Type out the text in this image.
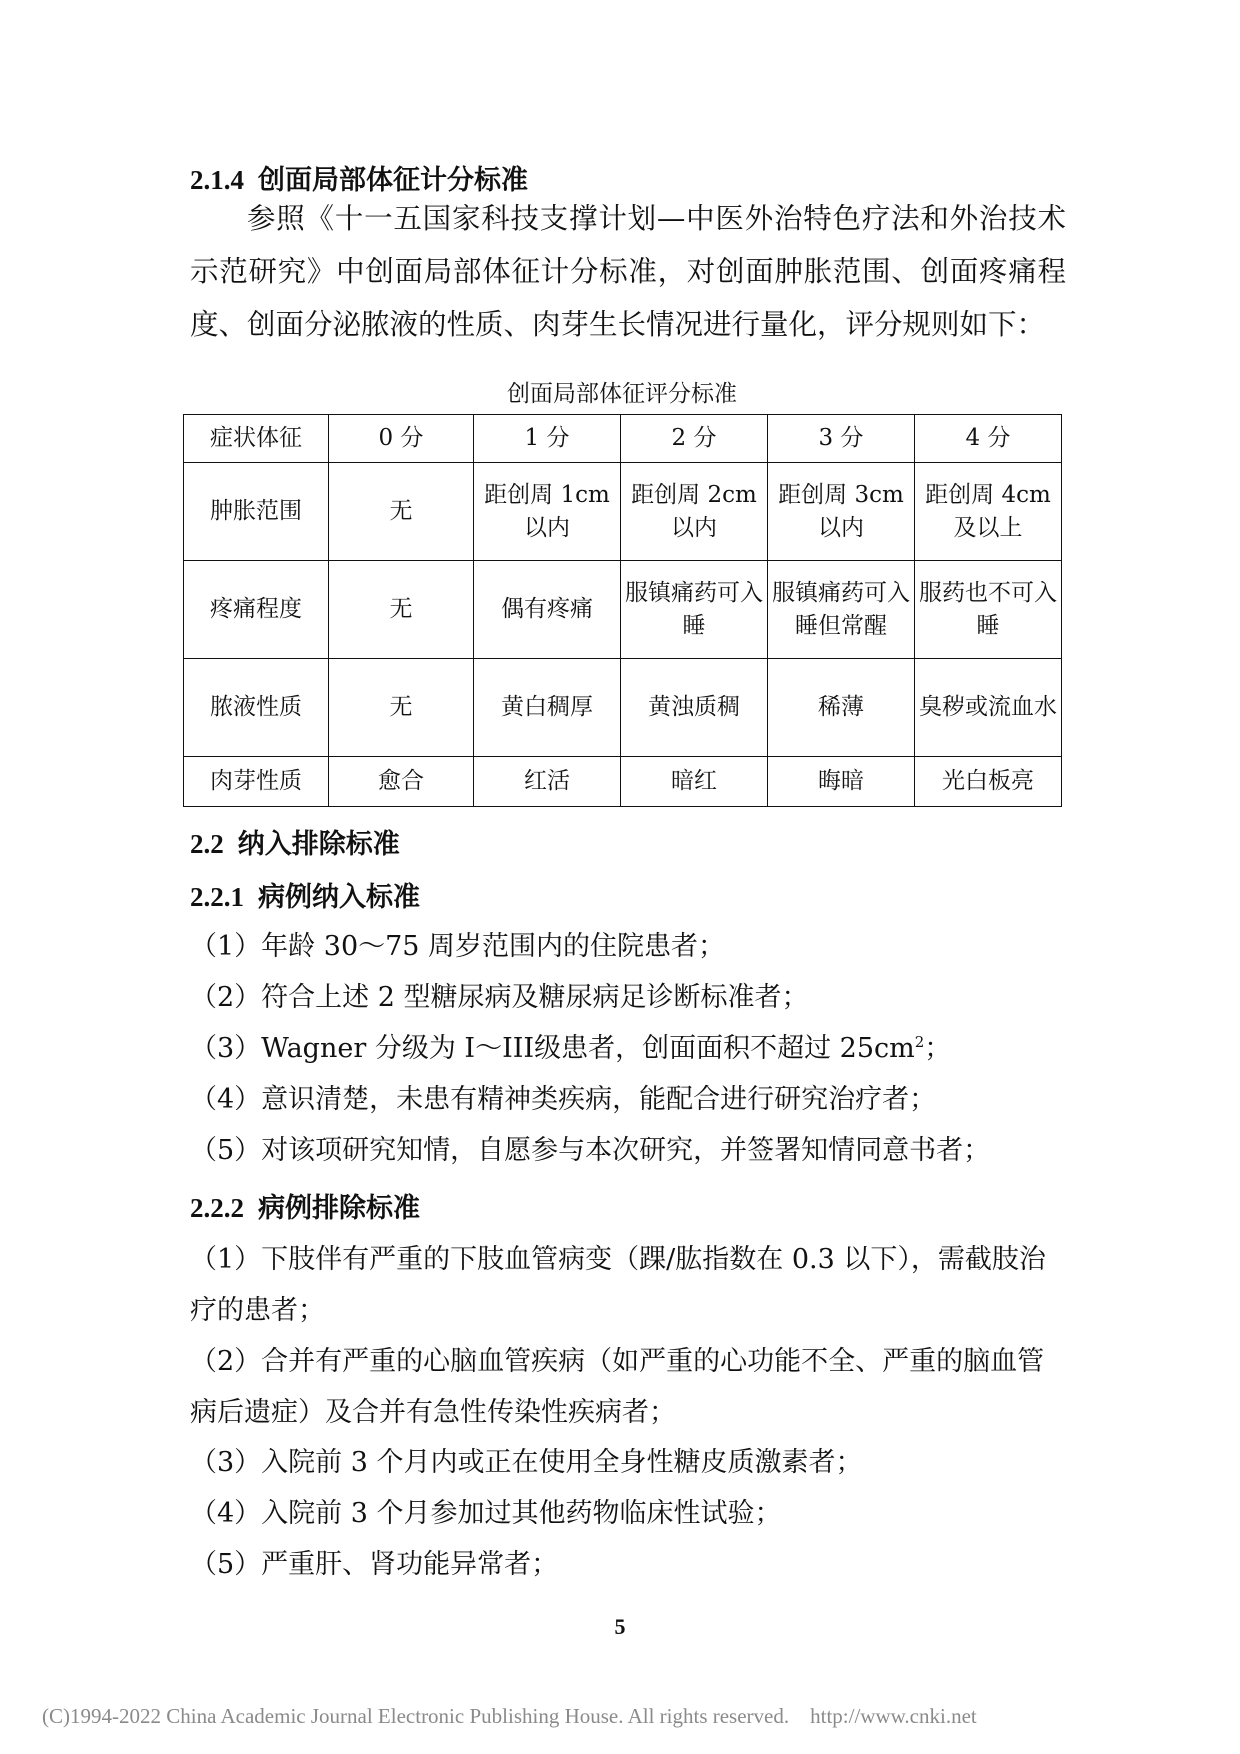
2.1.4 创面局部体征计分标准
参照《十一五国家科技支撑计划—中医外治特色疗法和外治技术示范研究》中创面局部体征计分标准，对创面肿胀范围、创面疼痛程度、创面分泌脓液的性质、肉芽生长情况进行量化，评分规则如下：
创面局部体征评分标准
症状体征	0 分	1 分	2 分	3 分	4 分
肿胀范围	无	距创周 1cm 以内	距创周 2cm 以内	距创周 3cm 以内	距创周 4cm 及以上
疼痛程度	无	偶有疼痛	服镇痛药可入睡	服镇痛药可入睡但常醒	服药也不可入睡
脓液性质	无	黄白稠厚	黄浊质稠	稀薄	臭秽或流血水
肉芽性质	愈合	红活	暗红	晦暗	光白板亮
2.2 纳入排除标准
2.2.1 病例纳入标准
（1）年龄 30～75 周岁范围内的住院患者；
（2）符合上述 2 型糖尿病及糖尿病足诊断标准者；
（3）Wagner 分级为 I～III级患者，创面面积不超过 $25cm^2$；
（4）意识清楚，未患有精神类疾病，能配合进行研究治疗者；
（5）对该项研究知情，自愿参与本次研究，并签署知情同意书者；
2.2.2 病例排除标准
（1）下肢伴有严重的下肢血管病变（踝/肱指数在 0.3 以下），需截肢治疗的患者；
（2）合并有严重的心脑血管疾病（如严重的心功能不全、严重的脑血管病后遗症）及合并有急性传染性疾病者；
（3）入院前 3 个月内或正在使用全身性糖皮质激素者；
（4）入院前 3 个月参加过其他药物临床性试验；
（5）严重肝、肾功能异常者；
5
(C)1994-2022 China Academic Journal Electronic Publishing House. All rights reserved.    http://www.cnki.net
